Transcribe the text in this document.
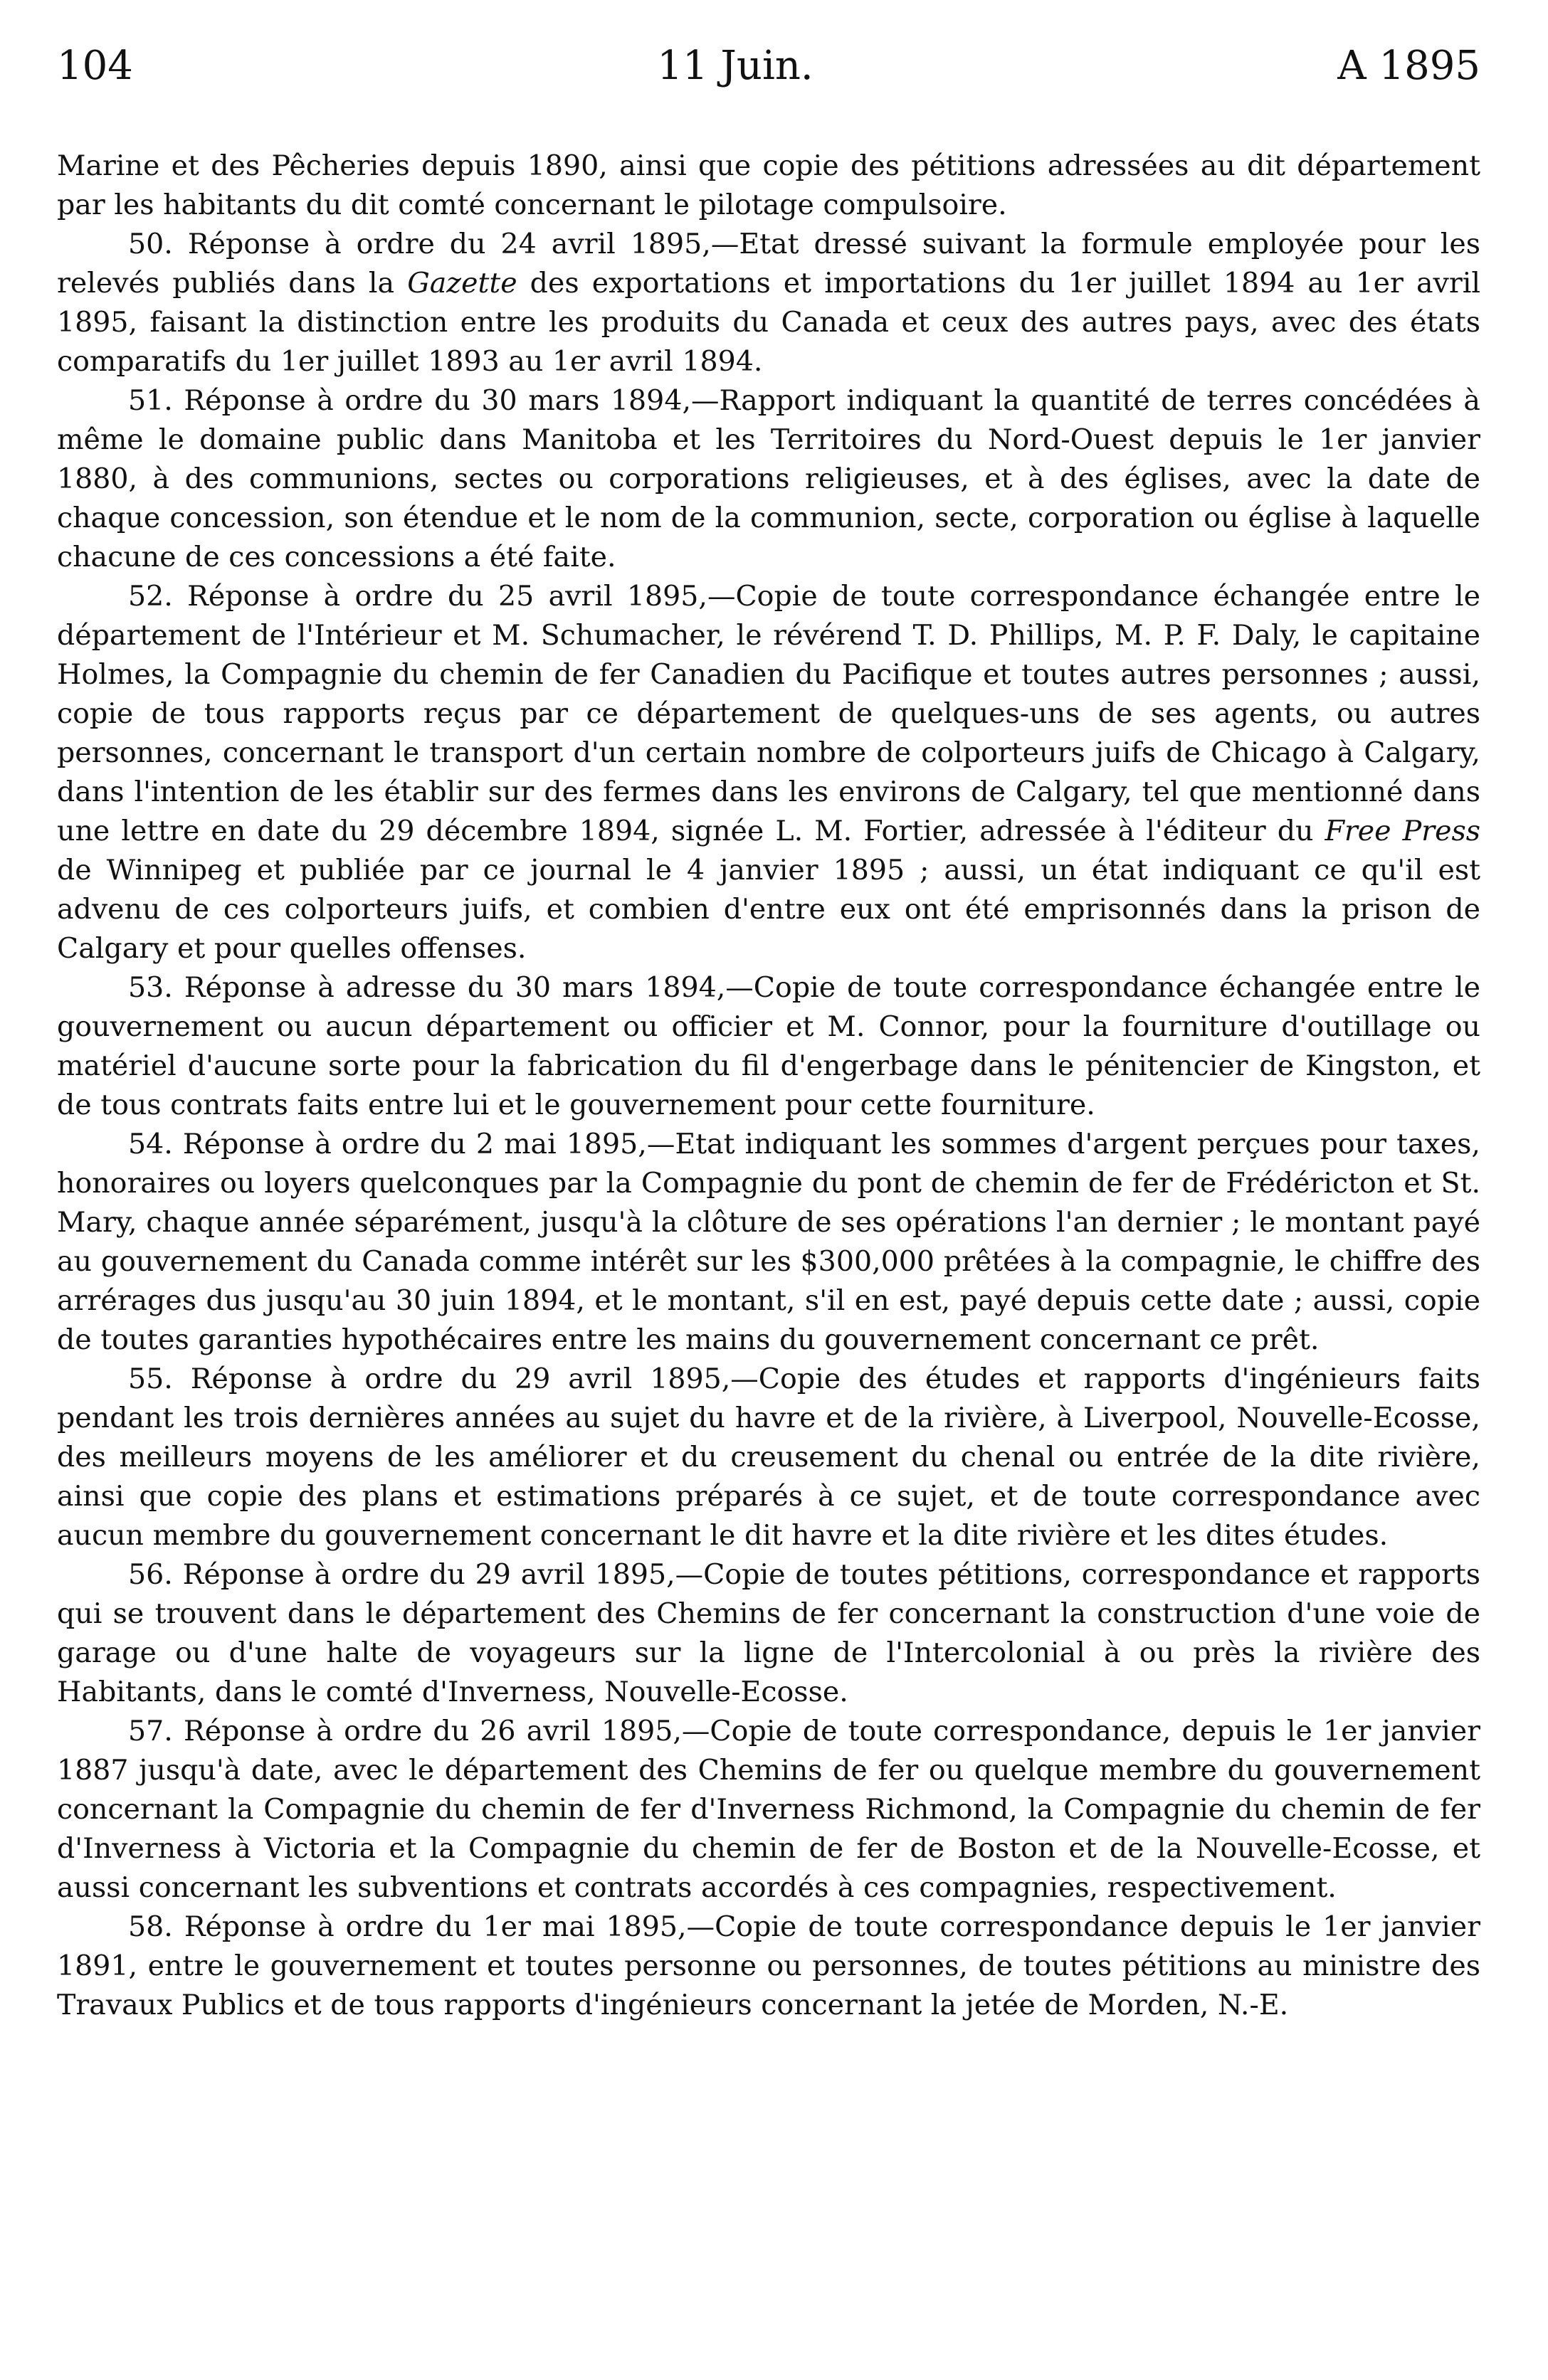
104	11 Juin.	A 1895

Marine et des Pêcheries depuis 1890, ainsi que copie des pétitions adressées au dit département par les habitants du dit comté concernant le pilotage compulsoire.

50. Réponse à ordre du 24 avril 1895,—Etat dressé suivant la formule employée pour les relevés publiés dans la Gazette des exportations et importations du 1er juillet 1894 au 1er avril 1895, faisant la distinction entre les produits du Canada et ceux des autres pays, avec des états comparatifs du 1er juillet 1893 au 1er avril 1894.

51. Réponse à ordre du 30 mars 1894,—Rapport indiquant la quantité de terres concédées à même le domaine public dans Manitoba et les Territoires du Nord-Ouest depuis le 1er janvier 1880, à des communions, sectes ou corporations religieuses, et à des églises, avec la date de chaque concession, son étendue et le nom de la communion, secte, corporation ou église à laquelle chacune de ces concessions a été faite.

52. Réponse à ordre du 25 avril 1895,—Copie de toute correspondance échangée entre le département de l'Intérieur et M. Schumacher, le révérend T. D. Phillips, M. P. F. Daly, le capitaine Holmes, la Compagnie du chemin de fer Canadien du Pacifique et toutes autres personnes ; aussi, copie de tous rapports reçus par ce département de quelques-uns de ses agents, ou autres personnes, concernant le transport d'un certain nombre de colporteurs juifs de Chicago à Calgary, dans l'intention de les établir sur des fermes dans les environs de Calgary, tel que mentionné dans une lettre en date du 29 décembre 1894, signée L. M. Fortier, adressée à l'éditeur du Free Press de Winnipeg et publiée par ce journal le 4 janvier 1895 ; aussi, un état indiquant ce qu'il est advenu de ces colporteurs juifs, et combien d'entre eux ont été emprisonnés dans la prison de Calgary et pour quelles offenses.

53. Réponse à adresse du 30 mars 1894,—Copie de toute correspondance échangée entre le gouvernement ou aucun département ou officier et M. Connor, pour la fourniture d'outillage ou matériel d'aucune sorte pour la fabrication du fil d'engerbage dans le pénitencier de Kingston, et de tous contrats faits entre lui et le gouvernement pour cette fourniture.

54. Réponse à ordre du 2 mai 1895,—Etat indiquant les sommes d'argent perçues pour taxes, honoraires ou loyers quelconques par la Compagnie du pont de chemin de fer de Frédéricton et St. Mary, chaque année séparément, jusqu'à la clôture de ses opérations l'an dernier ; le montant payé au gouvernement du Canada comme intérêt sur les $300,000 prêtées à la compagnie, le chiffre des arrérages dus jusqu'au 30 juin 1894, et le montant, s'il en est, payé depuis cette date ; aussi, copie de toutes garanties hypothécaires entre les mains du gouvernement concernant ce prêt.

55. Réponse à ordre du 29 avril 1895,—Copie des études et rapports d'ingénieurs faits pendant les trois dernières années au sujet du havre et de la rivière, à Liverpool, Nouvelle-Ecosse, des meilleurs moyens de les améliorer et du creusement du chenal ou entrée de la dite rivière, ainsi que copie des plans et estimations préparés à ce sujet, et de toute correspondance avec aucun membre du gouvernement concernant le dit havre et la dite rivière et les dites études.

56. Réponse à ordre du 29 avril 1895,—Copie de toutes pétitions, correspondance et rapports qui se trouvent dans le département des Chemins de fer concernant la construction d'une voie de garage ou d'une halte de voyageurs sur la ligne de l'Intercolonial à ou près la rivière des Habitants, dans le comté d'Inverness, Nouvelle-Ecosse.

57. Réponse à ordre du 26 avril 1895,—Copie de toute correspondance, depuis le 1er janvier 1887 jusqu'à date, avec le département des Chemins de fer ou quelque membre du gouvernement concernant la Compagnie du chemin de fer d'Inverness Richmond, la Compagnie du chemin de fer d'Inverness à Victoria et la Compagnie du chemin de fer de Boston et de la Nouvelle-Ecosse, et aussi concernant les subventions et contrats accordés à ces compagnies, respectivement.

58. Réponse à ordre du 1er mai 1895,—Copie de toute correspondance depuis le 1er janvier 1891, entre le gouvernement et toutes personne ou personnes, de toutes pétitions au ministre des Travaux Publics et de tous rapports d'ingénieurs concernant la jetée de Morden, N.-E.
